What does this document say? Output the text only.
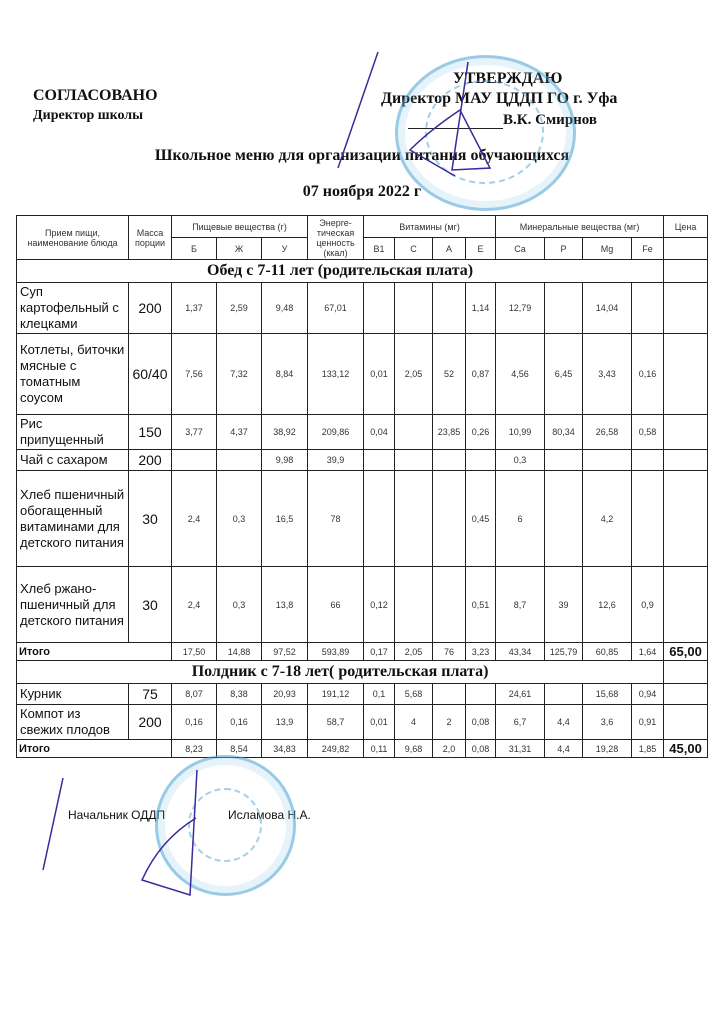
СОГЛАСОВАНО
Директор школы
УТВЕРЖДАЮ
Директор МАУ ЦДДП ГО г. Уфа
В.К. Смирнов
Школьное меню для организации питания обучающихся
07 ноября 2022 г
Прием пищи, наименование блюда	Масса порции	Пищевые вещества (г)			Энерге-тическая ценность (ккал)	Витамины (мг)				Минеральные вещества (мг)				Цена
		Б	Ж	У		B1	C	A	E	Ca	P	Mg	Fe	
Обед с 7-11 лет (родительская плата)														
Суп картофельный с клецками	200	1,37	2,59	9,48	67,01				1,14	12,79		14,04		
Котлеты, биточки мясные с томатным соусом	60/40	7,56	7,32	8,84	133,12	0,01	2,05	52	0,87	4,56	6,45	3,43	0,16	
Рис припущенный	150	3,77	4,37	38,92	209,86	0,04		23,85	0,26	10,99	80,34	26,58	0,58	
Чай с сахаром	200			9,98	39,9					0,3				
Хлеб пшеничный обогащенный витаминами для детского питания	30	2,4	0,3	16,5	78				0,45	6		4,2		
Хлеб ржано-пшеничный для детского питания	30	2,4	0,3	13,8	66	0,12			0,51	8,7	39	12,6	0,9	
Итого		17,50	14,88	97,52	593,89	0,17	2,05	76	3,23	43,34	125,79	60,85	1,64	65,00
Полдник с 7-18 лет( родительская плата)														
Курник	75	8,07	8,38	20,93	191,12	0,1	5,68			24,61		15,68	0,94	
Компот из свежих плодов	200	0,16	0,16	13,9	58,7	0,01	4	2	0,08	6,7	4,4	3,6	0,91	
Итого		8,23	8,54	34,83	249,82	0,11	9,68	2,0	0,08	31,31	4,4	19,28	1,85	45,00
Начальник ОДДП	Исламова Н.А.
